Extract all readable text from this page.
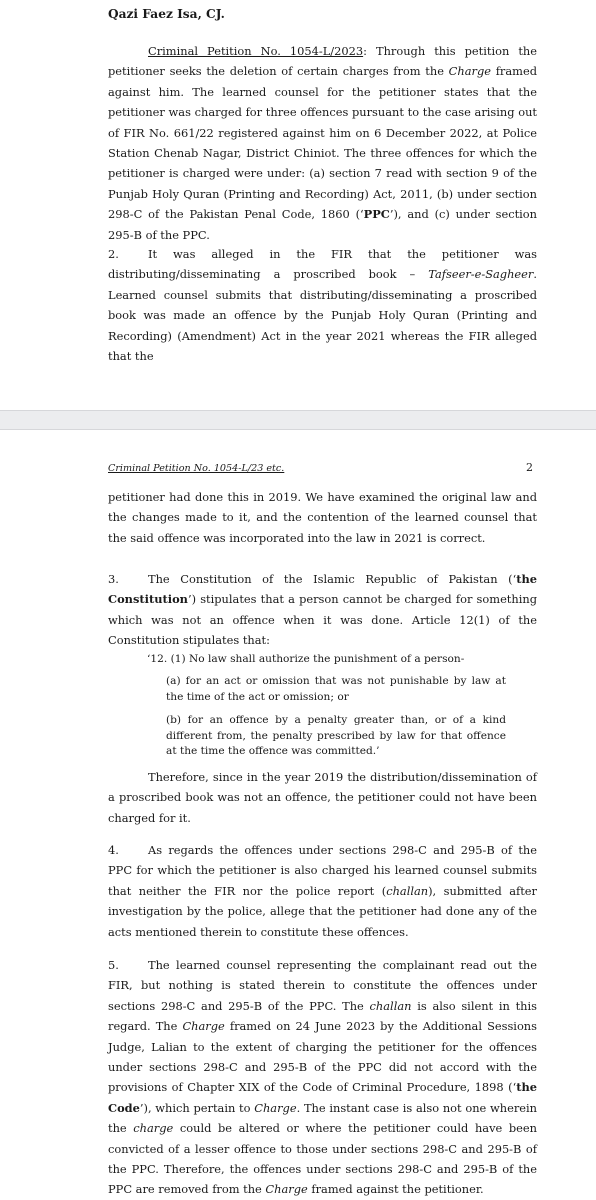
Qazi Faez Isa, CJ.

Criminal Petition No. 1054-L/2023: Through this petition the petitioner seeks the deletion of certain charges from the Charge framed against him. The learned counsel for the petitioner states that the petitioner was charged for three offences pursuant to the case arising out of FIR No. 661/22 registered against him on 6 December 2022, at Police Station Chenab Nagar, District Chiniot. The three offences for which the petitioner is charged were under: (a) section 7 read with section 9 of the Punjab Holy Quran (Printing and Recording) Act, 2011, (b) under section 298-C of the Pakistan Penal Code, 1860 (‘PPC’), and (c) under section 295-B of the PPC.

2.	It was alleged in the FIR that the petitioner was distributing/disseminating a proscribed book – Tafseer-e-Sagheer. Learned counsel submits that distributing/disseminating a proscribed book was made an offence by the Punjab Holy Quran (Printing and Recording) (Amendment) Act in the year 2021 whereas the FIR alleged that the

Criminal Petition No. 1054-L/23 etc.	2

petitioner had done this in 2019. We have examined the original law and the changes made to it, and the contention of the learned counsel that the said offence was incorporated into the law in 2021 is correct.

3.	The Constitution of the Islamic Republic of Pakistan (‘the Constitution’) stipulates that a person cannot be charged for something which was not an offence when it was done. Article 12(1) of the Constitution stipulates that:

‘12. (1) No law shall authorize the punishment of a person-

(a) for an act or omission that was not punishable by law at the time of the act or omission; or

(b) for an offence by a penalty greater than, or of a kind different from, the penalty prescribed by law for that offence at the time the offence was committed.’

Therefore, since in the year 2019 the distribution/dissemination of a proscribed book was not an offence, the petitioner could not have been charged for it.

4.	As regards the offences under sections 298-C and 295-B of the PPC for which the petitioner is also charged his learned counsel submits that neither the FIR nor the police report (challan), submitted after investigation by the police, allege that the petitioner had done any of the acts mentioned therein to constitute these offences.

5.	The learned counsel representing the complainant read out the FIR, but nothing is stated therein to constitute the offences under sections 298-C and 295-B of the PPC. The challan is also silent in this regard. The Charge framed on 24 June 2023 by the Additional Sessions Judge, Lalian to the extent of charging the petitioner for the offences under sections 298-C and 295-B of the PPC did not accord with the provisions of Chapter XIX of the Code of Criminal Procedure, 1898 (‘the Code’), which pertain to Charge. The instant case is also not one wherein the charge could be altered or where the petitioner could have been convicted of a lesser offence to those under sections 298-C and 295-B of the PPC. Therefore, the offences under sections 298-C and 295-B of the PPC are removed from the Charge framed against the petitioner.
